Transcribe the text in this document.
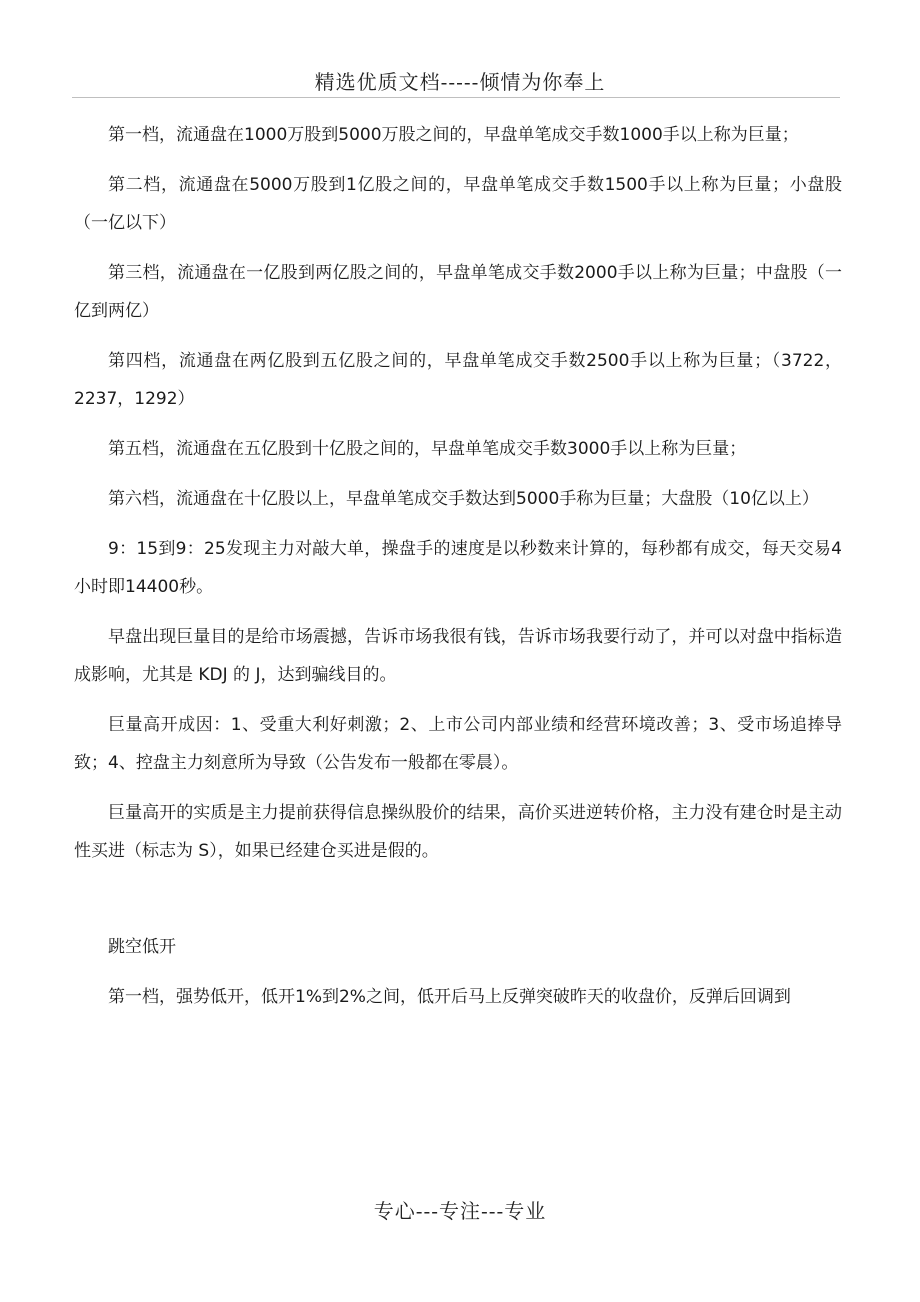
精选优质文档-----倾情为你奉上

第一档，流通盘在1000万股到5000万股之间的，早盘单笔成交手数1000手以上称为巨量；

第二档，流通盘在5000万股到1亿股之间的，早盘单笔成交手数1500手以上称为巨量；小盘股（一亿以下）

第三档，流通盘在一亿股到两亿股之间的，早盘单笔成交手数2000手以上称为巨量；中盘股（一亿到两亿）

第四档，流通盘在两亿股到五亿股之间的，早盘单笔成交手数2500手以上称为巨量；（3722，2237，1292）

第五档，流通盘在五亿股到十亿股之间的，早盘单笔成交手数3000手以上称为巨量；

第六档，流通盘在十亿股以上，早盘单笔成交手数达到5000手称为巨量；大盘股（10亿以上）

9：15到9：25发现主力对敲大单，操盘手的速度是以秒数来计算的，每秒都有成交，每天交易4小时即14400秒。

早盘出现巨量目的是给市场震撼，告诉市场我很有钱，告诉市场我要行动了，并可以对盘中指标造成影响，尤其是 KDJ 的 J，达到骗线目的。

巨量高开成因：1、受重大利好刺激；2、上市公司内部业绩和经营环境改善；3、受市场追捧导致；4、控盘主力刻意所为导致（公告发布一般都在零晨）。

巨量高开的实质是主力提前获得信息操纵股价的结果，高价买进逆转价格，主力没有建仓时是主动性买进（标志为 S），如果已经建仓买进是假的。

跳空低开

第一档，强势低开，低开1%到2%之间，低开后马上反弹突破昨天的收盘价，反弹后回调到

专心---专注---专业
